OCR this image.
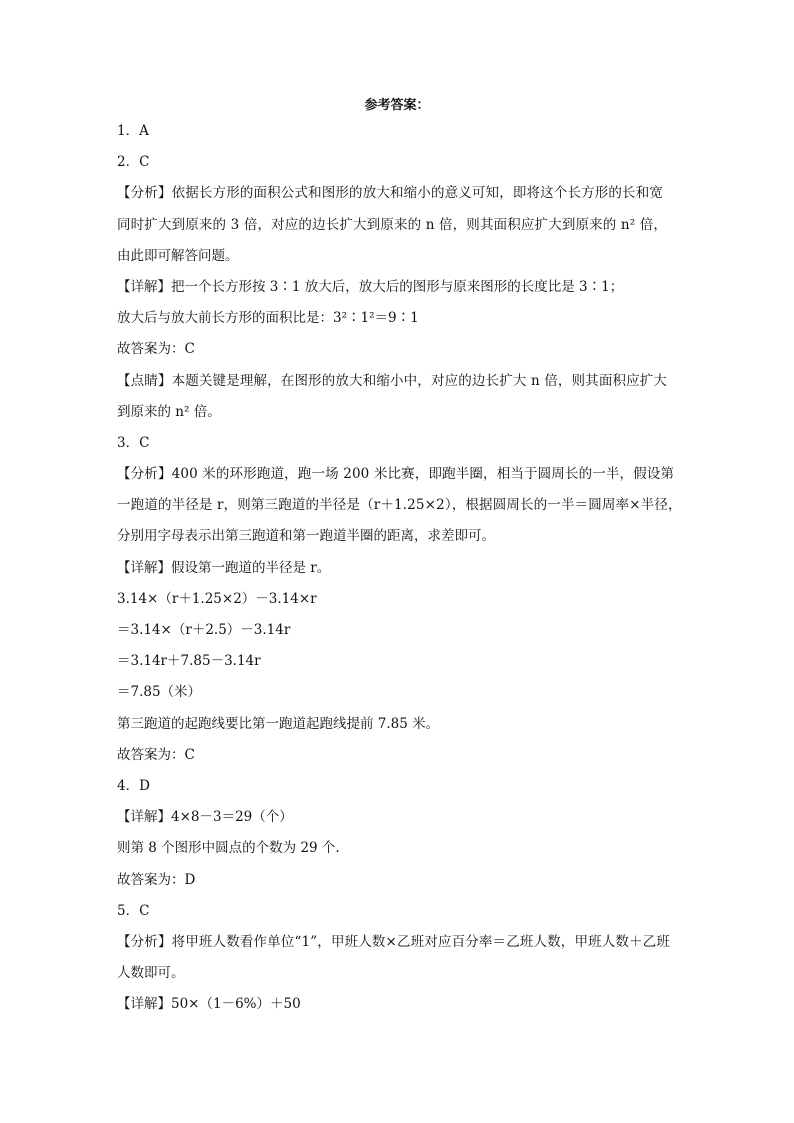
参考答案：
1．A
2．C
【分析】依据长方形的面积公式和图形的放大和缩小的意义可知，即将这个长方形的长和宽
同时扩大到原来的 3 倍，对应的边长扩大到原来的 n 倍，则其面积应扩大到原来的 n² 倍，
由此即可解答问题。
【详解】把一个长方形按 3∶1 放大后，放大后的图形与原来图形的长度比是 3∶1；
放大后与放大前长方形的面积比是：3²∶1²＝9∶1
故答案为：C
【点睛】本题关键是理解，在图形的放大和缩小中，对应的边长扩大 n 倍，则其面积应扩大
到原来的 n² 倍。
3．C
【分析】400 米的环形跑道，跑一场 200 米比赛，即跑半圈，相当于圆周长的一半，假设第
一跑道的半径是 r，则第三跑道的半径是（r＋1.25×2），根据圆周长的一半＝圆周率×半径，
分别用字母表示出第三跑道和第一跑道半圈的距离，求差即可。
【详解】假设第一跑道的半径是 r。
3.14×（r＋1.25×2）－3.14×r
＝3.14×（r＋2.5）－3.14r
＝3.14r＋7.85－3.14r
＝7.85（米）
第三跑道的起跑线要比第一跑道起跑线提前 7.85 米。
故答案为：C
4．D
【详解】4×8－3＝29（个）
则第 8 个图形中圆点的个数为 29 个.
故答案为：D
5．C
【分析】将甲班人数看作单位“1”，甲班人数×乙班对应百分率＝乙班人数，甲班人数＋乙班
人数即可。
【详解】50×（1－6%）＋50
